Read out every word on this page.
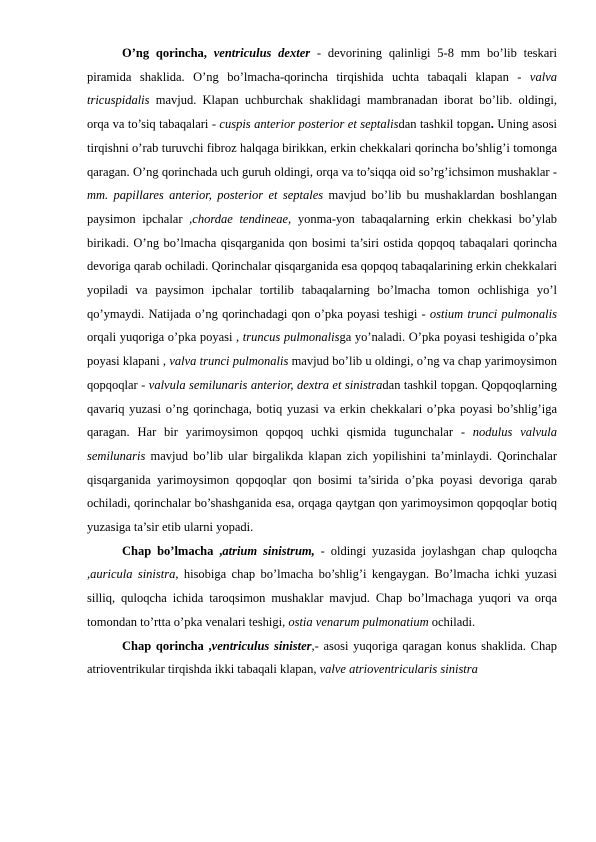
O’ng qorincha, ventriculus dexter - devorining qalinligi 5-8 mm bo’lib teskari piramida shaklida. O’ng bo’lmacha-qorincha tirqishida uchta tabaqali klapan - valva tricuspidalis mavjud. Klapan uchburchak shaklidagi mambranadan iborat bo’lib. oldingi, orqa va to’siq tabaqalari - cuspis anterior posterior et septalisdan tashkil topgan. Uning asosi tirqishni o’rab turuvchi fibroz halqaga birikkan, erkin chekkalari qorincha bo’shlig’i tomonga qaragan. O’ng qorinchada uch guruh oldingi, orqa va to’siqqa oid so’rg’ichsimon mushaklar - mm. papillares anterior, posterior et septales mavjud bo’lib bu mushaklardan boshlangan paysimon ipchalar ,chordae tendineae, yonma-yon tabaqalarning erkin chekkasi bo’ylab birikadi. O’ng bo’lmacha qisqarganida qon bosimi ta’siri ostida qopqoq tabaqalari qorincha devoriga qarab ochiladi. Qorinchalar qisqarganida esa qopqoq tabaqalarining erkin chekkalari yopiladi va paysimon ipchalar tortilib tabaqalarning bo’lmacha tomon ochlishiga yo’l qo’ymaydi. Natijada o’ng qorinchadagi qon o’pka poyasi teshigi - ostium trunci pulmonalis orqali yuqoriga o’pka poyasi , truncus pulmonalisga yo’naladi. O’pka poyasi teshigida o’pka poyasi klapani , valva trunci pulmonalis mavjud bo’lib u oldingi, o’ng va chap yarimoysimon qopqoqlar - valvula semilunaris anterior, dextra et sinistradan tashkil topgan. Qopqoqlarning qavariq yuzasi o’ng qorinchaga, botiq yuzasi va erkin chekkalari o’pka poyasi bo’shlig’iga qaragan. Har bir yarimoysimon qopqoq uchki qismida tugunchalar - nodulus valvula semilunaris mavjud bo’lib ular birgalikda klapan zich yopilishini ta’minlaydi. Qorinchalar qisqarganida yarimoysimon qopqoqlar qon bosimi ta’sirida o’pka poyasi devoriga qarab ochiladi, qorinchalar bo’shashganida esa, orqaga qaytgan qon yarimoysimon qopqoqlar botiq yuzasiga ta’sir etib ularni yopadi.

Chap bo’lmacha ,atrium sinistrum, - oldingi yuzasida joylashgan chap quloqcha ,auricula sinistra, hisobiga chap bo’lmacha bo’shlig’i kengaygan. Bo’lmacha ichki yuzasi silliq, quloqcha ichida taroqsimon mushaklar mavjud. Chap bo’lmachaga yuqori va orqa tomondan to’rtta o’pka venalari teshigi, ostia venarum pulmonatium ochiladi.

Chap qorincha ,ventriculus sinister,- asosi yuqoriga qaragan konus shaklida. Chap atrioventrikular tirqishda ikki tabaqali klapan, valve atrioventricularis sinistra
